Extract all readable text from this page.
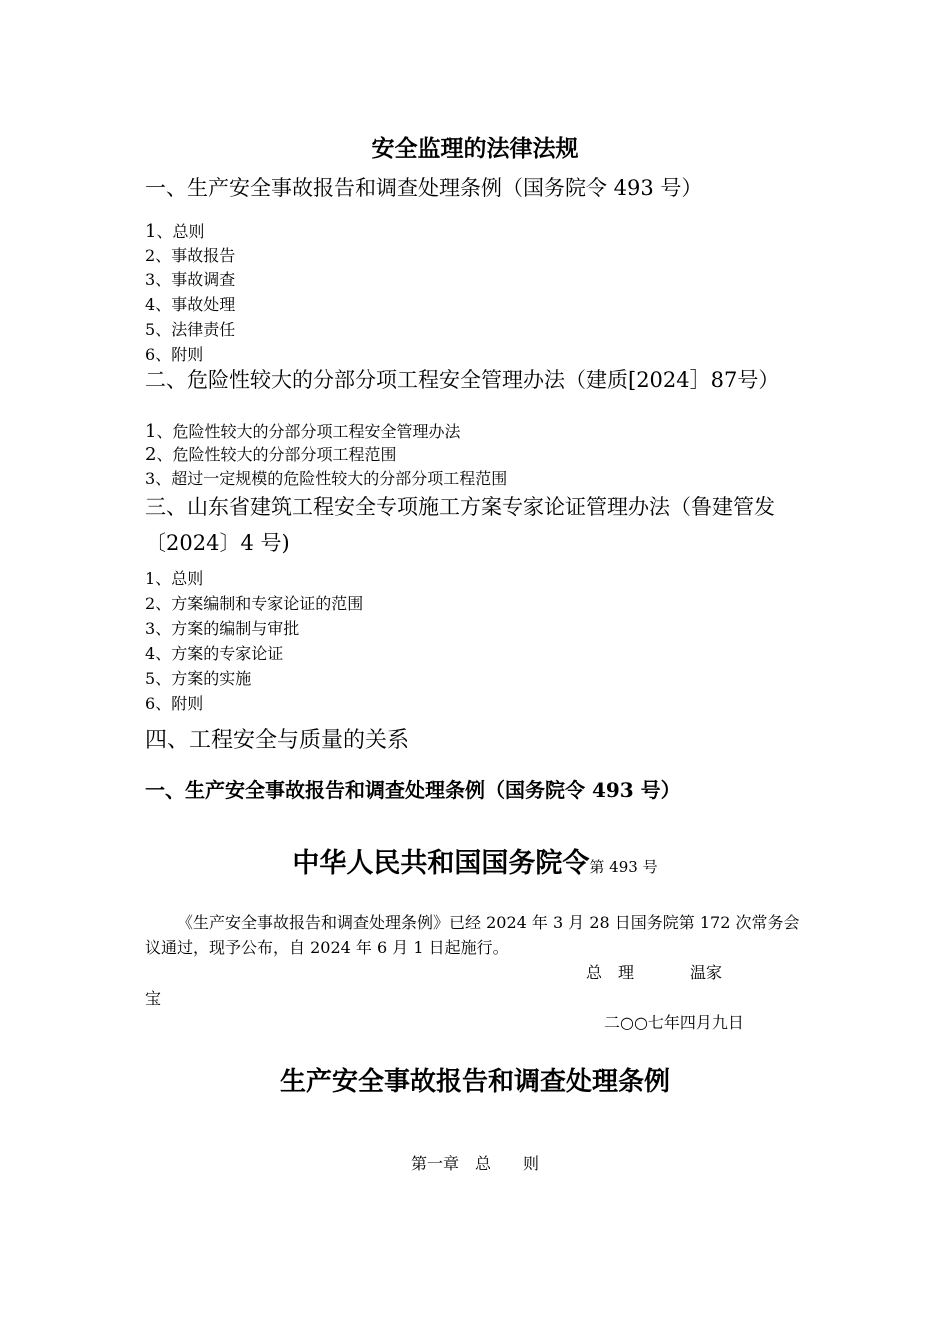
安全监理的法律法规
一、生产安全事故报告和调查处理条例（国务院令 493 号）
1、总则
2、事故报告
3、事故调查
4、事故处理
5、法律责任
6、附则
二、危险性较大的分部分项工程安全管理办法（建质[2024］87号）
1、危险性较大的分部分项工程安全管理办法
2、危险性较大的分部分项工程范围
3、超过一定规模的危险性较大的分部分项工程范围
三、山东省建筑工程安全专项施工方案专家论证管理办法（鲁建管发〔2024〕4 号)
1、总则
2、方案编制和专家论证的范围
3、方案的编制与审批
4、方案的专家论证
5、方案的实施
6、附则
四、工程安全与质量的关系
一、生产安全事故报告和调查处理条例（国务院令 493 号）
中华人民共和国国务院令第 493 号
《生产安全事故报告和调查处理条例》已经 2024 年 3 月 28 日国务院第 172 次常务会议通过，现予公布，自 2024 年 6 月 1 日起施行。
总　理	温家
宝
二○○七年四月九日
生产安全事故报告和调查处理条例
第一章　总　　则
